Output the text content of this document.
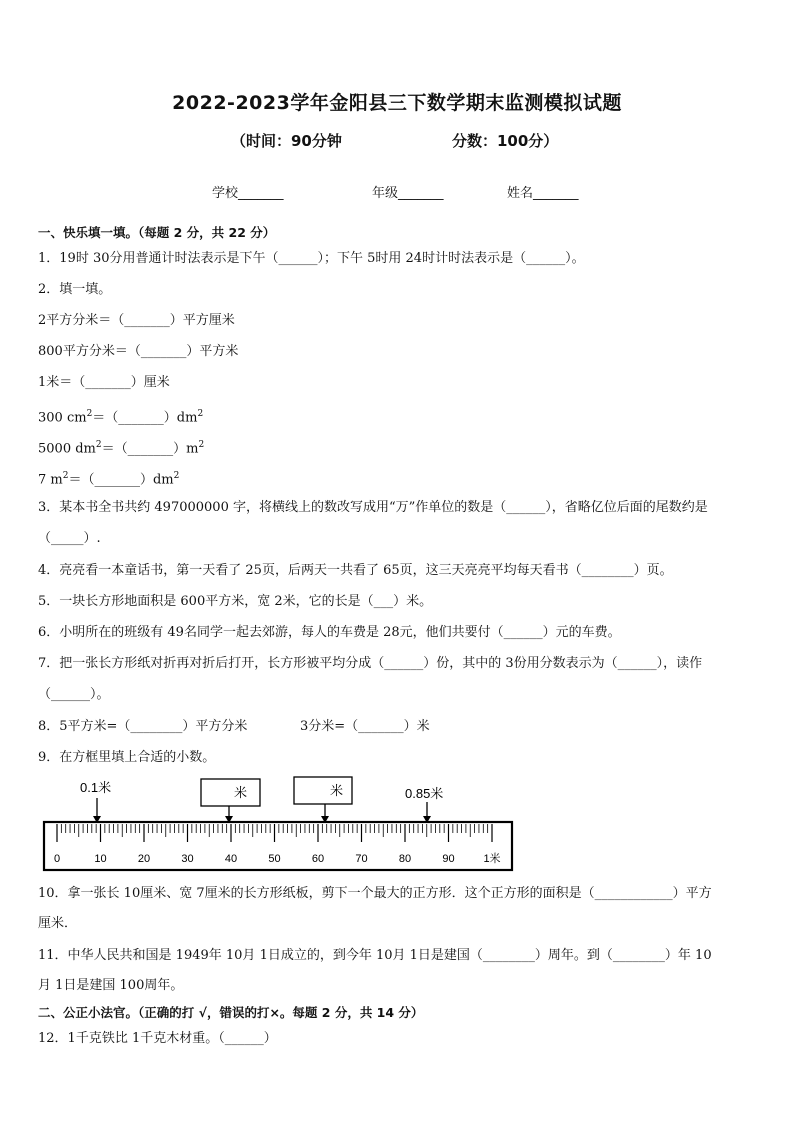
2022-2023学年金阳县三下数学期末监测模拟试题
（时间：90分钟	分数：100分）
学校_______	年级_______	姓名_______
一、快乐填一填。（每题 2 分，共 22 分）
1．19时 30分用普通计时法表示是下午（______）；下午 5时用 24时计时法表示是（______）。
2．填一填。
2平方分米＝（_______）平方厘米
800平方分米＝（_______）平方米
1米＝（_______）厘米
300 $cm^2=(\_\_\_\_\_\_\_)dm^2$
5000 $dm^2=(\_\_\_\_\_\_\_)m^2$
7 $m^2=(\_\_\_\_\_\_\_)dm^2$
3．某本书全书共约 497000000 字，将横线上的数改写成用“万”作单位的数是（______），省略亿位后面的尾数约是
（_____）.
4．亮亮看一本童话书，第一天看了 25页，后两天一共看了 65页，这三天亮亮平均每天看书（________）页。
5．一块长方形地面积是 600平方米，宽 2米，它的长是（___）米。
6．小明所在的班级有 49名同学一起去郊游，每人的车费是 28元，他们共要付（______）元的车费。
7．把一张长方形纸对折再对折后打开，长方形被平均分成（______）份，其中的 3份用分数表示为（______），读作
（______）。
8．5平方米=（________）平方分米	3分米=（_______）米
9．在方框里填上合适的小数。
0.1米	米	米	0.85米
0	10	20	30	40	50	60	70	80	90	1米
10．拿一张长 10厘米、宽 7厘米的长方形纸板，剪下一个最大的正方形．这个正方形的面积是（____________）平方
厘米．
11．中华人民共和国是 1949年 10月 1日成立的，到今年 10月 1日是建国（________）周年。到（________）年 10
月 1日是建国 100周年。
二、公正小法官。（正确的打 √，错误的打×。每题 2 分，共 14 分）
12．1千克铁比 1千克木材重。（______）
